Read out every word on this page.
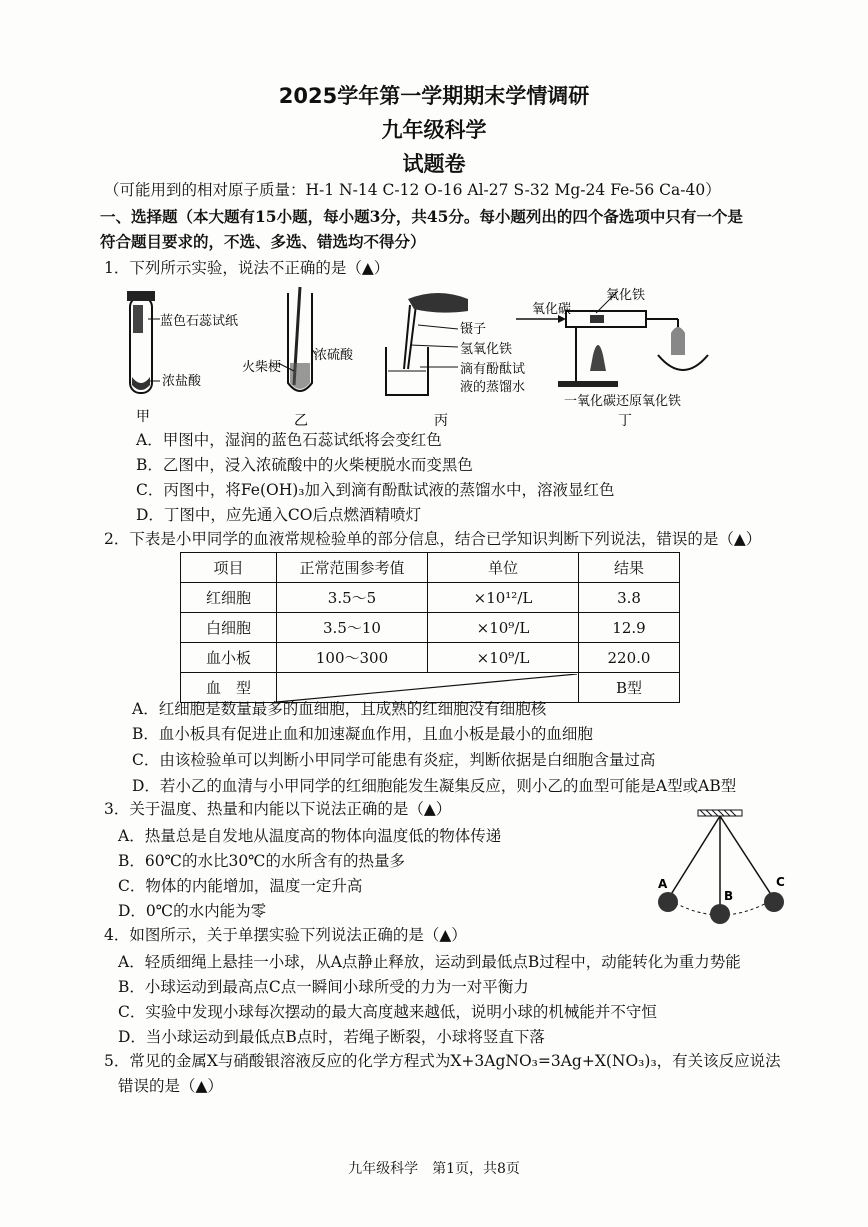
2025学年第一学期期末学情调研
九年级科学
试题卷
（可能用到的相对原子质量：H-1 N-14 C-12 O-16 Al-27 S-32 Mg-24 Fe-56 Ca-40）
一、选择题（本大题有15小题，每小题3分，共45分。每小题列出的四个备选项中只有一个是
符合题目要求的，不选、多选、错选均不得分）
1．下列所示实验，说法不正确的是（▲）
蓝色石蕊试纸
浓盐酸
火柴梗
浓硫酸
镊子
氢氧化铁
滴有酚酞试
液的蒸馏水
氧化碳
氧化铁
一氧化碳还原氧化铁
甲	乙	丙	丁
A．甲图中，湿润的蓝色石蕊试纸将会变红色
B．乙图中，浸入浓硫酸中的火柴梗脱水而变黑色
C．丙图中，将Fe(OH)₃加入到滴有酚酞试液的蒸馏水中，溶液显红色
D．丁图中，应先通入CO后点燃酒精喷灯
2．下表是小甲同学的血液常规检验单的部分信息，结合已学知识判断下列说法，错误的是（▲）
项目	正常范围参考值	单位	结果
红细胞	3.5～5	×10¹²/L	3.8
白细胞	3.5～10	×10⁹/L	12.9
血小板	100～300	×10⁹/L	220.0
血　型			B型
A．红细胞是数量最多的血细胞，且成熟的红细胞没有细胞核
B．血小板具有促进止血和加速凝血作用，且血小板是最小的血细胞
C．由该检验单可以判断小甲同学可能患有炎症，判断依据是白细胞含量过高
D．若小乙的血清与小甲同学的红细胞能发生凝集反应，则小乙的血型可能是A型或AB型
3．关于温度、热量和内能以下说法正确的是（▲）
A．热量总是自发地从温度高的物体向温度低的物体传递
B．60℃的水比30℃的水所含有的热量多
C．物体的内能增加，温度一定升高
D．0℃的水内能为零
A
B
C
4．如图所示，关于单摆实验下列说法正确的是（▲）
A．轻质细绳上悬挂一小球，从A点静止释放，运动到最低点B过程中，动能转化为重力势能
B．小球运动到最高点C点一瞬间小球所受的力为一对平衡力
C．实验中发现小球每次摆动的最大高度越来越低，说明小球的机械能并不守恒
D．当小球运动到最低点B点时，若绳子断裂，小球将竖直下落
5．常见的金属X与硝酸银溶液反应的化学方程式为X+3AgNO₃=3Ag+X(NO₃)₃，有关该反应说法
错误的是（▲）
九年级科学　第1页，共8页
